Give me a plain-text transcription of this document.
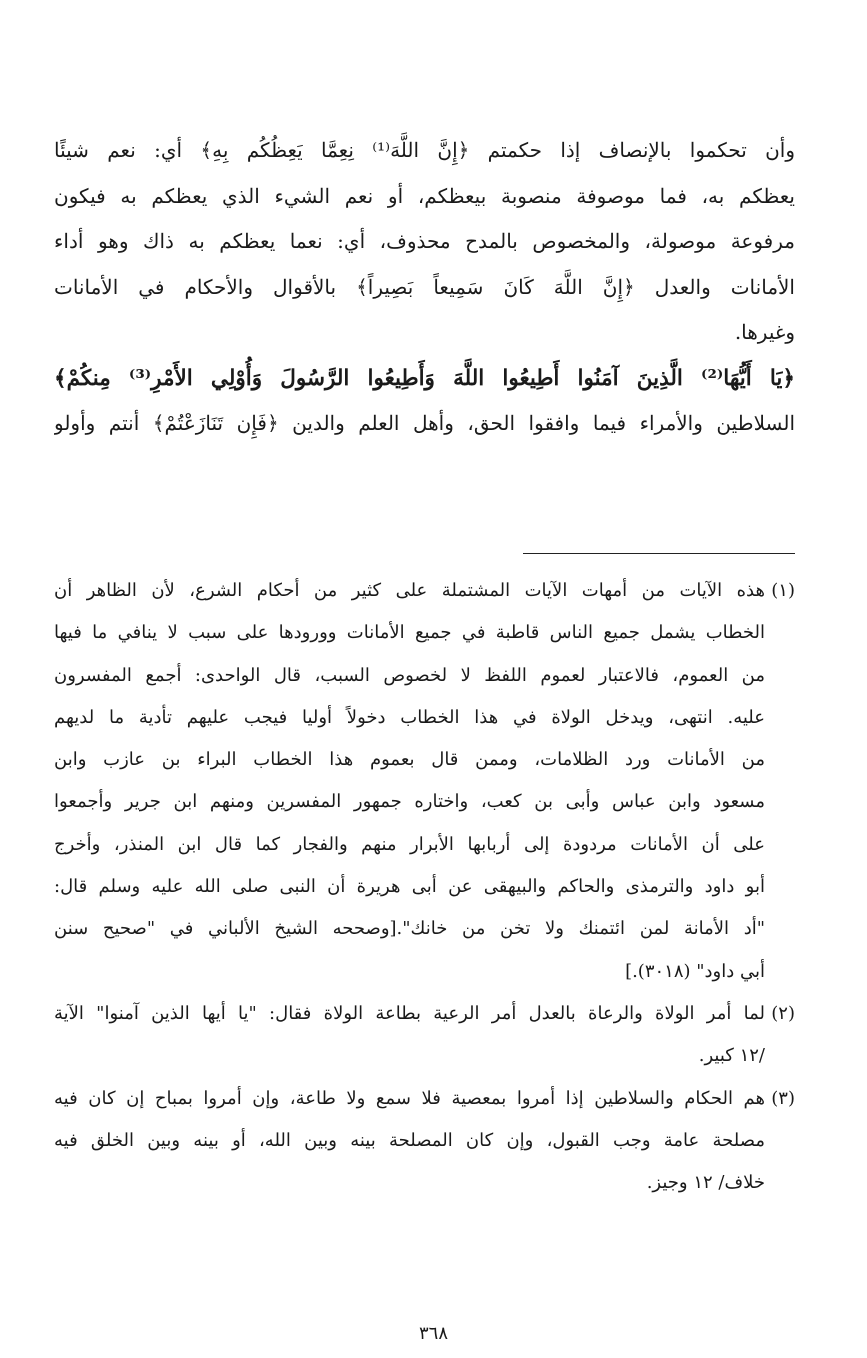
وأن تحكموا بالإنصاف إذا حكمتم ﴿إِنَّ اللَّهَ⁽¹⁾ نِعِمَّا يَعِظُكُم بِهِ﴾ أي: نعم شيئًا
يعظكم به، فما موصوفة منصوبة بيعظكم، أو نعم الشيء الذي يعظكم به فيكون
مرفوعة موصولة، والمخصوص بالمدح محذوف، أي: نعما يعظكم به ذاك وهو أداء
الأمانات والعدل ﴿إِنَّ اللَّهَ كَانَ سَمِيعاً بَصِيراً﴾ بالأقوال والأحكام في الأمانات
وغيرها.
﴿يَا أَيُّهَا⁽²⁾ الَّذِينَ آمَنُوا أَطِيعُوا اللَّهَ وَأَطِيعُوا الرَّسُولَ وَأُوْلِي الأَمْرِ⁽³⁾ مِنكُمْ﴾
السلاطين والأمراء فيما وافقوا الحق، وأهل العلم والدين ﴿فَإِن تَنَازَعْتُمْ﴾ أنتم وأولو
(١)هذه الآيات من أمهات الآيات المشتملة على كثير من أحكام الشرع، لأن الظاهر أن
الخطاب يشمل جميع الناس قاطبة في جميع الأمانات وورودها على سبب لا ينافي ما فيها
من العموم، فالاعتبار لعموم اللفظ لا لخصوص السبب، قال الواحدى: أجمع المفسرون
عليه. انتهى، ويدخل الولاة في هذا الخطاب دخولاً أوليا فيجب عليهم تأدية ما لديهم
من الأمانات ورد الظلامات، وممن قال بعموم هذا الخطاب البراء بن عازب وابن
مسعود وابن عباس وأبى بن كعب، واختاره جمهور المفسرين ومنهم ابن جرير وأجمعوا
على أن الأمانات مردودة إلى أربابها الأبرار منهم والفجار كما قال ابن المنذر، وأخرج
أبو داود والترمذى والحاكم والبيهقى عن أبى هريرة أن النبى صلى الله عليه وسلم قال:
"أد الأمانة لمن ائتمنك ولا تخن من خانك".[وصححه الشيخ الألباني في "صحيح سنن
أبي داود" (٣٠١٨).]
(٢)لما أمر الولاة والرعاة بالعدل أمر الرعية بطاعة الولاة فقال: "يا أيها الذين آمنوا" الآية
/١٢ كبير.
(٣)هم الحكام والسلاطين إذا أمروا بمعصية فلا سمع ولا طاعة، وإن أمروا بمباح إن كان فيه
مصلحة عامة وجب القبول، وإن كان المصلحة بينه وبين الله، أو بينه وبين الخلق فيه
خلاف/ ١٢ وجيز.
٣٦٨
